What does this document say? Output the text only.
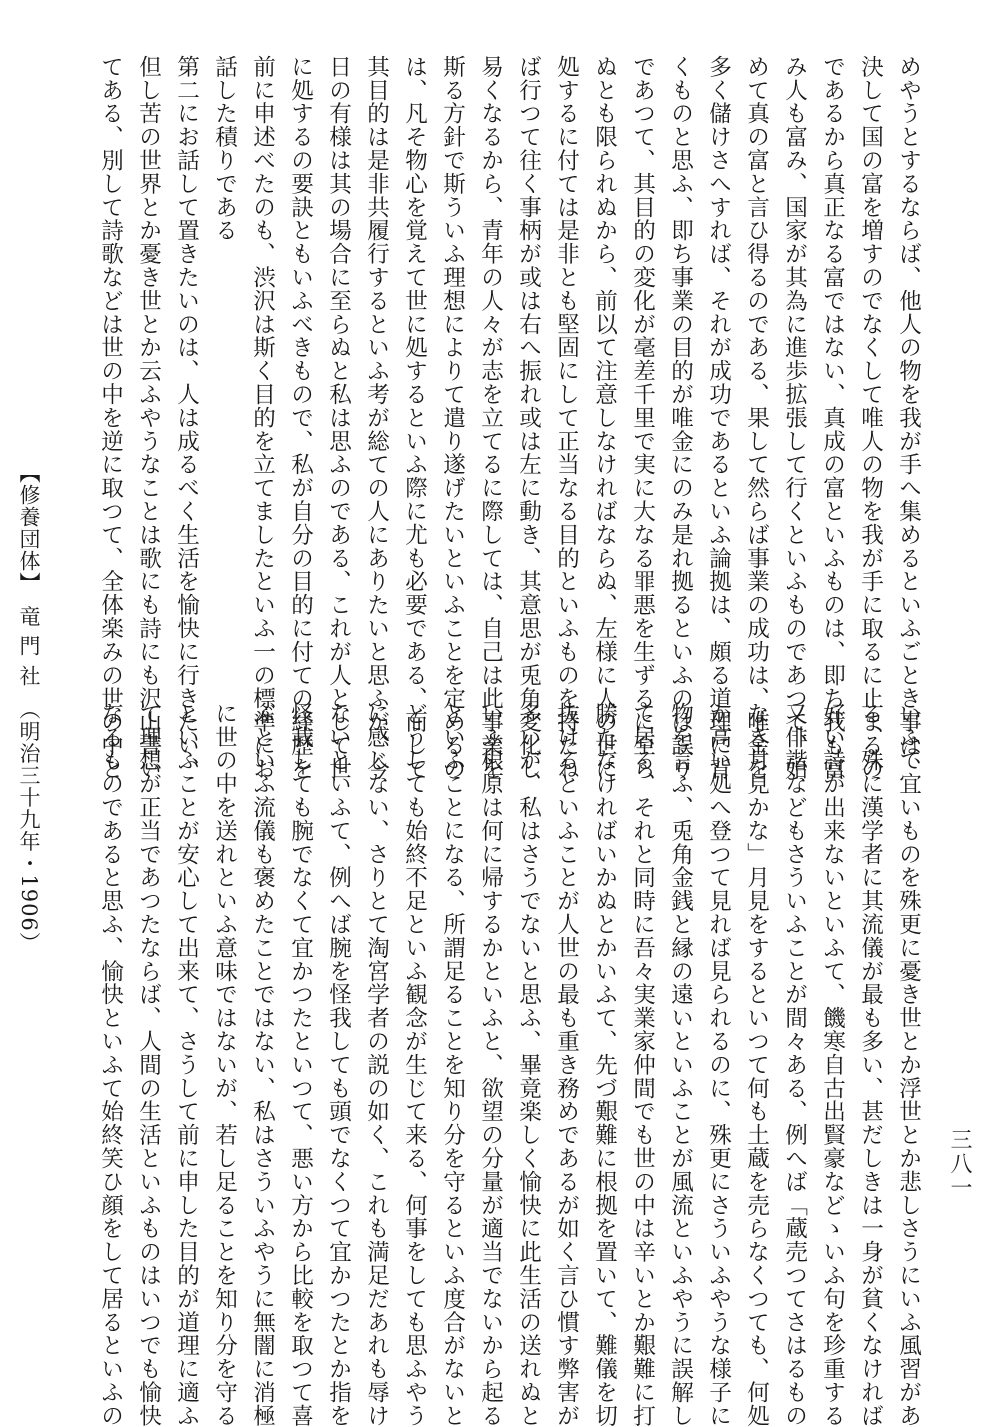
めやうとするならば、他人の物を我が手へ集めるといふごとき事は、
決して国の富を増すのでなくして唯人の物を我が手に取るに止まるの
であるから真正なる富ではない、真成の富といふものは、即ち我も富
み人も富み、国家が其為に進歩拡張して行くといふものであつて、始
めて真の富と言ひ得るのである、果して然らば事業の成功は、唯金を
多く儲けさへすれば、それが成功であるといふ論拠は、頗る道理に背
くものと思ふ、即ち事業の目的が唯金にのみ是れ拠るといふのは誤り
であつて、其目的の変化が毫差千里で実に大なる罪悪を生ずるに至ら
ぬとも限られぬから、前以て注意しなければならぬ、左様に人の世に
処するに付ては是非とも堅固にして正当なる目的といふものを持たね
ば行つて往く事柄が或は右へ振れ或は左に動き、其意思が兎角変化し
易くなるから、青年の人々が志を立てるに際しては、自己は此事業を
斯る方針で斯ういふ理想によりて遣り遂げたいといふことを定めるの
は、凡そ物心を覚えて世に処するといふ際に尤も必要である、而して
其目的は是非共履行するといふ考が総ての人にありたいと思ふが、今
日の有様は其の場合に至らぬと私は思ふのである、これが人として世
に処するの要訣ともいふべきもので、私が自分の目的に付ての経歴を
前に申述べたのも、渋沢は斯く目的を立てましたといふ一の標準にお
話した積りである
第二にお話して置きたいのは、人は成るべく生活を愉快に行きたい、
但し苦の世界とか憂き世とか云ふやうなことは歌にも詩にも沢山書い
てある、別して詩歌などは世の中を逆に取つて、全体楽みの世の中と
いふて宜いものを殊更に憂き世とか浮世とか悲しさうにいふ風習があ
る、殊に漢学者に其流儀が最も多い、甚だしきは一身が貧くなければ
好い詩が出来ないといふて、饑寒自古出賢豪などゝいふ句を珍重する
又俳諧などもさういふことが間々ある、例へば「蔵売つてさはるもの
なき月見かな」月見をするといつて何も土蔵を売らなくつても、何処
か高い処へ登つて見れば見られるのに、殊更にさういふやうな様子に
物を言ふ、兎角金銭と縁の遠いといふことが風流といふやうに誤解し
て居る、それと同時に吾々実業家仲間でも世の中は辛いとか艱難に打
勝たなければいかぬとかいふて、先づ艱難に根拠を置いて、難儀を切
抜けるといふことが人世の最も重き務めであるが如く言ひ慣す弊害が
多いが、私はさうでないと思ふ、畢竟楽しく愉快に此生活の送れぬと
いふ根原は何に帰するかといふと、欲望の分量が適当でないから起る
といふことになる、所謂足ることを知り分を守るといふ度合がないと
どうしても始終不足といふ観念が生じて来る、何事をしても思ふやう
に感じない、さりとて淘宮学者の説の如く、これも満足だあれも辱け
ないといふて、例へば腕を怪我しても頭でなくつて宜かつたとか指を
怪我しても腕でなくて宜かつたといつて、悪い方から比較を取つて喜
ぶといふ流儀も褒めたことではない、私はさういふやうに無闇に消極
に世の中を送れといふ意味ではないが、若し足ることを知り分を守る
といふことが安心して出来て、さうして前に申した目的が道理に適ふ
て理想が正当であつたならば、人間の生活といふものはいつでも愉快
なるものであると思ふ、愉快といふて始終笑ひ顔をして居るといふの
【修養団体】　竜 門 社　（明治三十九年・1906）
三八一
